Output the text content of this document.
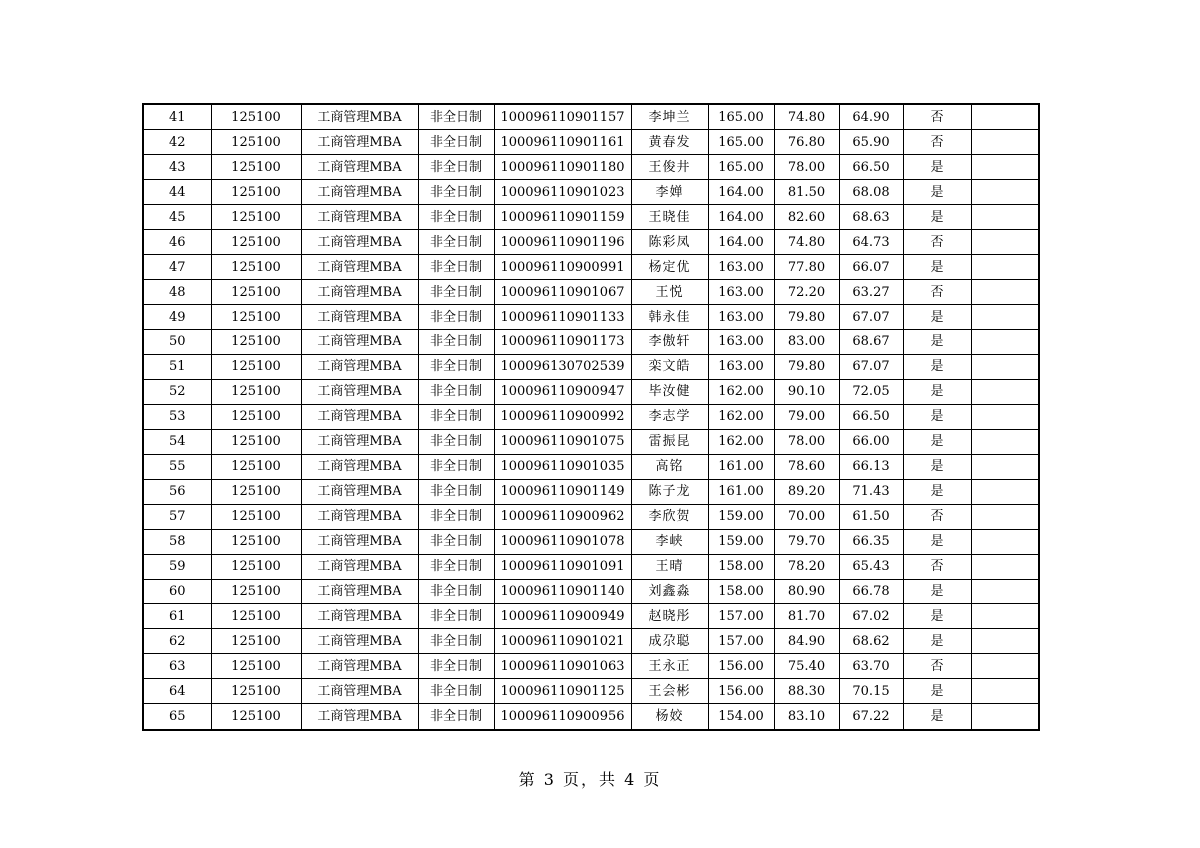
41	125100	工商管理MBA	非全日制	100096110901157	李坤兰	165.00	74.80	64.90	否	
42	125100	工商管理MBA	非全日制	100096110901161	黄春发	165.00	76.80	65.90	否	
43	125100	工商管理MBA	非全日制	100096110901180	王俊井	165.00	78.00	66.50	是	
44	125100	工商管理MBA	非全日制	100096110901023	李婵	164.00	81.50	68.08	是	
45	125100	工商管理MBA	非全日制	100096110901159	王晓佳	164.00	82.60	68.63	是	
46	125100	工商管理MBA	非全日制	100096110901196	陈彩凤	164.00	74.80	64.73	否	
47	125100	工商管理MBA	非全日制	100096110900991	杨定优	163.00	77.80	66.07	是	
48	125100	工商管理MBA	非全日制	100096110901067	王悦	163.00	72.20	63.27	否	
49	125100	工商管理MBA	非全日制	100096110901133	韩永佳	163.00	79.80	67.07	是	
50	125100	工商管理MBA	非全日制	100096110901173	李傲轩	163.00	83.00	68.67	是	
51	125100	工商管理MBA	非全日制	100096130702539	栾文皓	163.00	79.80	67.07	是	
52	125100	工商管理MBA	非全日制	100096110900947	毕汝健	162.00	90.10	72.05	是	
53	125100	工商管理MBA	非全日制	100096110900992	李志学	162.00	79.00	66.50	是	
54	125100	工商管理MBA	非全日制	100096110901075	雷振昆	162.00	78.00	66.00	是	
55	125100	工商管理MBA	非全日制	100096110901035	高铭	161.00	78.60	66.13	是	
56	125100	工商管理MBA	非全日制	100096110901149	陈子龙	161.00	89.20	71.43	是	
57	125100	工商管理MBA	非全日制	100096110900962	李欣贺	159.00	70.00	61.50	否	
58	125100	工商管理MBA	非全日制	100096110901078	李峡	159.00	79.70	66.35	是	
59	125100	工商管理MBA	非全日制	100096110901091	王晴	158.00	78.20	65.43	否	
60	125100	工商管理MBA	非全日制	100096110901140	刘鑫淼	158.00	80.90	66.78	是	
61	125100	工商管理MBA	非全日制	100096110900949	赵晓彤	157.00	81.70	67.02	是	
62	125100	工商管理MBA	非全日制	100096110901021	成尕聪	157.00	84.90	68.62	是	
63	125100	工商管理MBA	非全日制	100096110901063	王永正	156.00	75.40	63.70	否	
64	125100	工商管理MBA	非全日制	100096110901125	王会彬	156.00	88.30	70.15	是	
65	125100	工商管理MBA	非全日制	100096110900956	杨姣	154.00	83.10	67.22	是	
第 3 页，共 4 页
